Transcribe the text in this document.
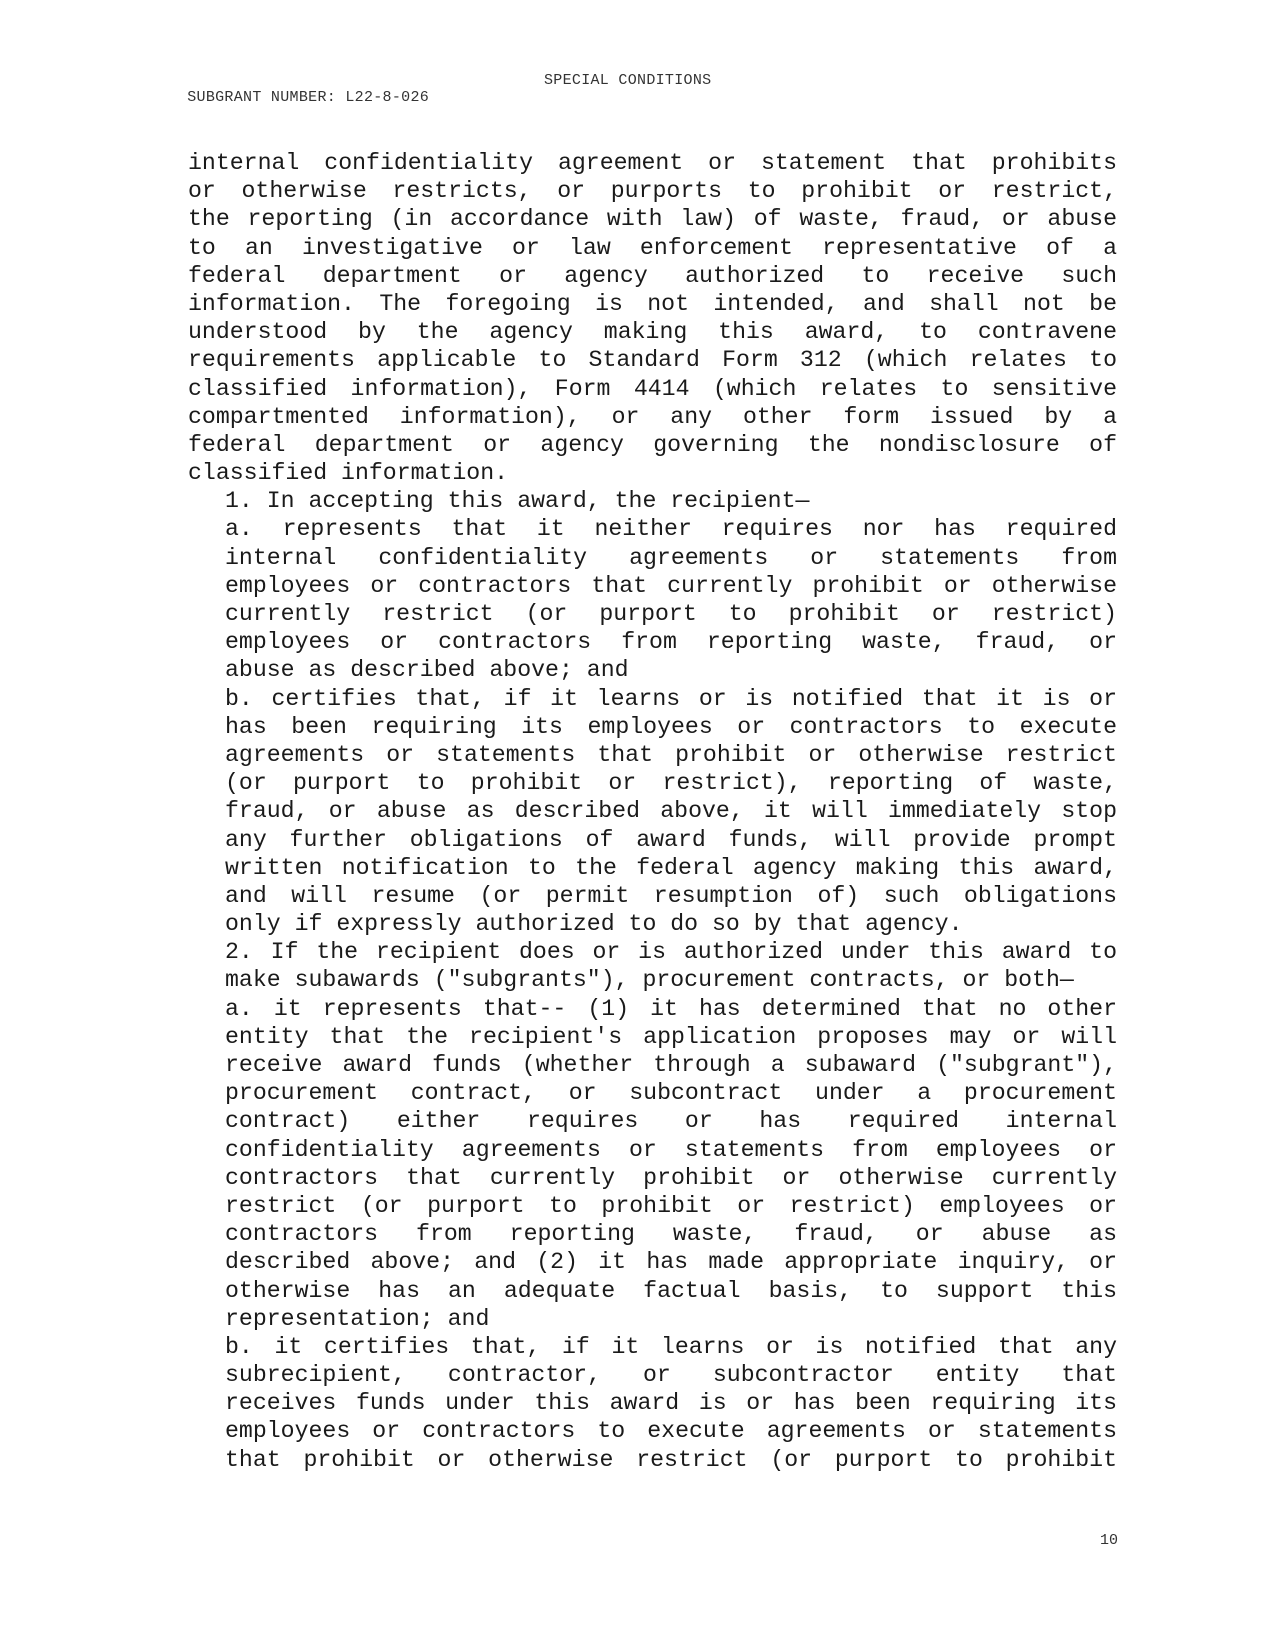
SUBGRANT NUMBER: L22-8-026

SPECIAL CONDITIONS

internal confidentiality agreement or statement that prohibits
or otherwise restricts, or purports to prohibit or restrict,
the reporting (in accordance with law) of waste, fraud, or abuse
to an investigative or law enforcement representative of a
federal department or agency authorized to receive such
information. The foregoing is not intended, and shall not be
understood by the agency making this award, to contravene
requirements applicable to Standard Form 312 (which relates to
classified information), Form 4414 (which relates to sensitive
compartmented information), or any other form issued by a
federal department or agency governing the nondisclosure of
classified information.
1. In accepting this award, the recipient—
a. represents that it neither requires nor has required
internal confidentiality agreements or statements from
employees or contractors that currently prohibit or otherwise
currently restrict (or purport to prohibit or restrict)
employees or contractors from reporting waste, fraud, or
abuse as described above; and
b. certifies that, if it learns or is notified that it is or
has been requiring its employees or contractors to execute
agreements or statements that prohibit or otherwise restrict
(or purport to prohibit or restrict), reporting of waste,
fraud, or abuse as described above, it will immediately stop
any further obligations of award funds, will provide prompt
written notification to the federal agency making this award,
and will resume (or permit resumption of) such obligations
only if expressly authorized to do so by that agency.
2. If the recipient does or is authorized under this award to
make subawards ("subgrants"), procurement contracts, or both—
a. it represents that-- (1) it has determined that no other
entity that the recipient's application proposes may or will
receive award funds (whether through a subaward ("subgrant"),
procurement contract, or subcontract under a procurement
contract) either requires or has required internal
confidentiality agreements or statements from employees or
contractors that currently prohibit or otherwise currently
restrict (or purport to prohibit or restrict) employees or
contractors from reporting waste, fraud, or abuse as
described above; and (2) it has made appropriate inquiry, or
otherwise has an adequate factual basis, to support this
representation; and
b. it certifies that, if it learns or is notified that any
subrecipient, contractor, or subcontractor entity that
receives funds under this award is or has been requiring its
employees or contractors to execute agreements or statements
that prohibit or otherwise restrict (or purport to prohibit
10
